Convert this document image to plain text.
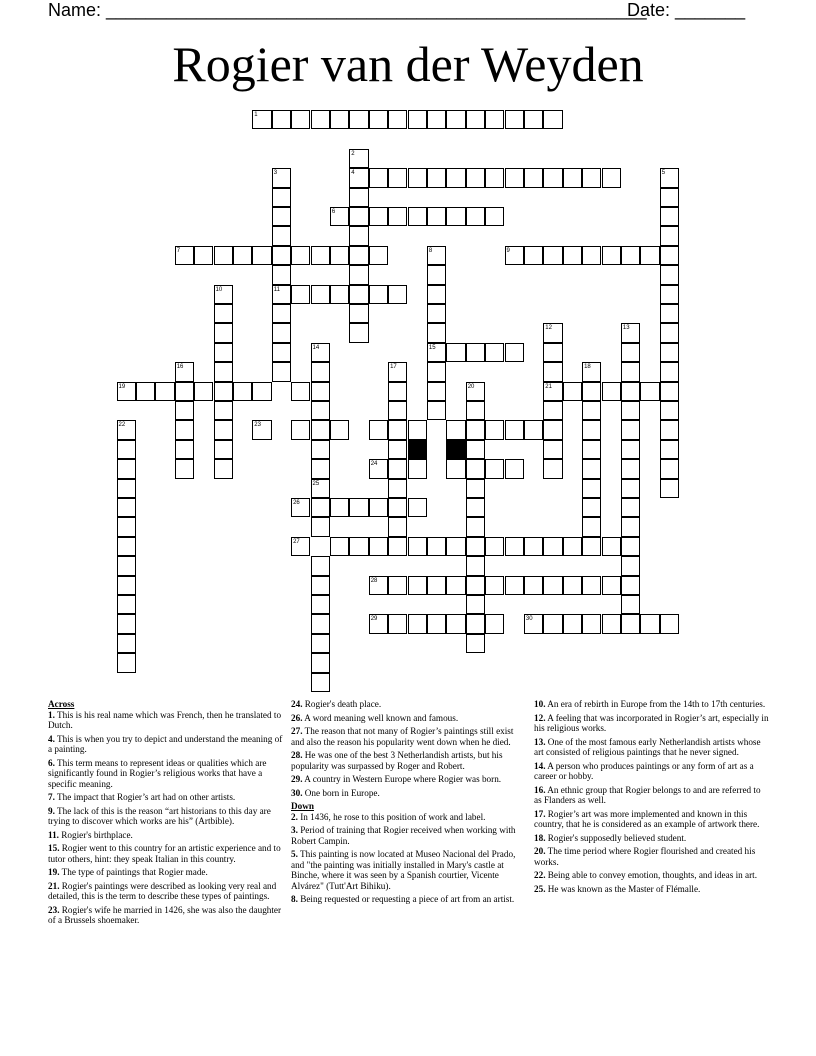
Name: ______________________________________________________
Date: _______
Rogier van der Weyden
1
2
4
3	5
6
7	8	9
10	11
12	13
14	15
16	17	18
19	20	21
22	23
24
25
26
27
28
29	30
Across
1. This is his real name which was French, then he translated to Dutch.
4. This is when you try to depict and understand the meaning of a painting.
6. This term means to represent ideas or qualities which are significantly found in Rogier’s religious works that have a specific meaning.
7. The impact that Rogier’s art had on other artists.
9. The lack of this is the reason “art historians to this day are trying to discover which works are his” (Artbible).
11. Rogier's birthplace.
15. Rogier went to this country for an artistic experience and to tutor others, hint: they speak Italian in this country.
19. The type of paintings that Rogier made.
21. Rogier's paintings were described as looking very real and detailed, this is the term to describe these types of paintings.
23. Rogier's wife he married in 1426, she was also the daughter of a Brussels shoemaker.
24. Rogier's death place.
26. A word meaning well known and famous.
27. The reason that not many of Rogier’s paintings still exist and also the reason his popularity went down when he died.
28. He was one of the best 3 Netherlandish artists, but his popularity was surpassed by Roger and Robert.
29. A country in Western Europe where Rogier was born.
30. One born in Europe.
Down
2. In 1436, he rose to this position of work and label.
3. Period of training that Rogier received when working with Robert Campin.
5. This painting is now located at Museo Nacional del Prado, and "the painting was initially installed in Mary's castle at Binche, where it was seen by a Spanish courtier, Vicente Alvárez" (Tutt'Art Bihiku).
8. Being requested or requesting a piece of art from an artist.
10. An era of rebirth in Europe from the 14th to 17th centuries.
12. A feeling that was incorporated in Rogier’s art, especially in his religious works.
13. One of the most famous early Netherlandish artists whose art consisted of religious paintings that he never signed.
14. A person who produces paintings or any form of art as a career or hobby.
16. An ethnic group that Rogier belongs to and are referred to as Flanders as well.
17. Rogier’s art was more implemented and known in this country, that he is considered as an example of artwork there.
18. Rogier's supposedly believed student.
20. The time period where Rogier flourished and created his works.
22. Being able to convey emotion, thoughts, and ideas in art.
25. He was known as the Master of Flémalle.
